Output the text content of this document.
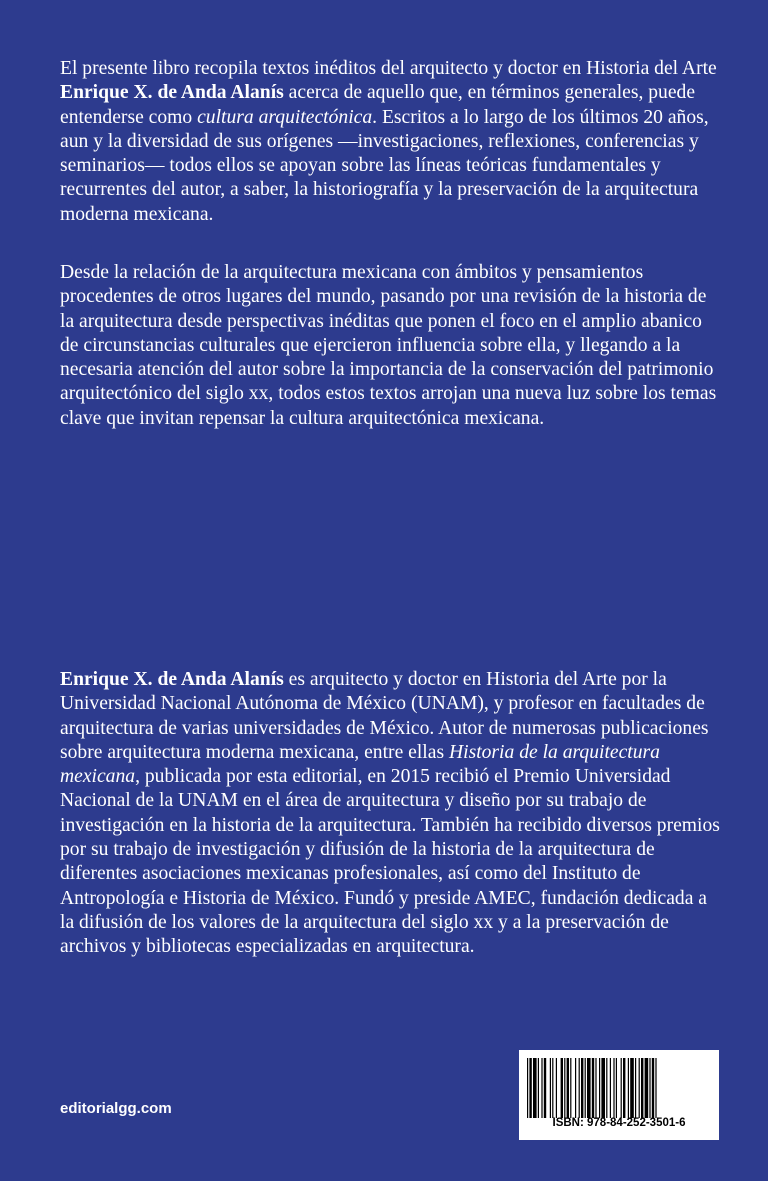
El presente libro recopila textos inéditos del arquitecto y doctor en Historia del Arte Enrique X. de Anda Alanís acerca de aquello que, en términos generales, puede entenderse como cultura arquitectónica. Escritos a lo largo de los últimos 20 años, aun y la diversidad de sus orígenes —investigaciones, reflexiones, conferencias y seminarios— todos ellos se apoyan sobre las líneas teóricas fundamentales y recurrentes del autor, a saber, la historiografía y la preservación de la arquitectura moderna mexicana.

Desde la relación de la arquitectura mexicana con ámbitos y pensamientos procedentes de otros lugares del mundo, pasando por una revisión de la historia de la arquitectura desde perspectivas inéditas que ponen el foco en el amplio abanico de circunstancias culturales que ejercieron influencia sobre ella, y llegando a la necesaria atención del autor sobre la importancia de la conservación del patrimonio arquitectónico del siglo xx, todos estos textos arrojan una nueva luz sobre los temas clave que invitan repensar la cultura arquitectónica mexicana.

Enrique X. de Anda Alanís es arquitecto y doctor en Historia del Arte por la Universidad Nacional Autónoma de México (UNAM), y profesor en facultades de arquitectura de varias universidades de México. Autor de numerosas publicaciones sobre arquitectura moderna mexicana, entre ellas Historia de la arquitectura mexicana, publicada por esta editorial, en 2015 recibió el Premio Universidad Nacional de la UNAM en el área de arquitectura y diseño por su trabajo de investigación en la historia de la arquitectura. También ha recibido diversos premios por su trabajo de investigación y difusión de la historia de la arquitectura de diferentes asociaciones mexicanas profesionales, así como del Instituto de Antropología e Historia de México. Fundó y preside AMEC, fundación dedicada a la difusión de los valores de la arquitectura del siglo xx y a la preservación de archivos y bibliotecas especializadas en arquitectura.

editorialgg.com
ISBN: 978-84-252-3501-6
